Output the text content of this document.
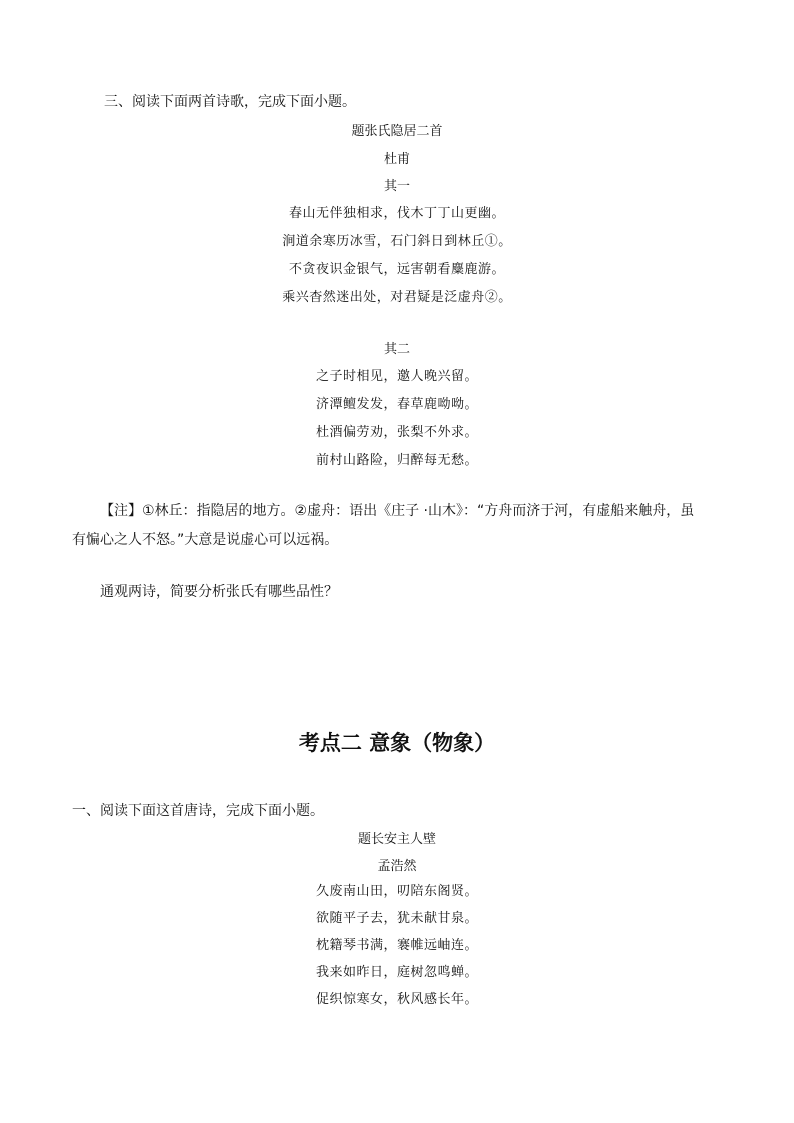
三、阅读下面两首诗歌，完成下面小题。
题张氏隐居二首
杜甫
其一
春山无伴独相求，伐木丁丁山更幽。
涧道余寒历冰雪，石门斜日到林丘①。
不贪夜识金银气，远害朝看麋鹿游。
乘兴杳然迷出处，对君疑是泛虚舟②。
其二
之子时相见，邀人晚兴留。
济潭鳣发发，春草鹿呦呦。
杜酒偏劳劝，张梨不外求。
前村山路险，归醉每无愁。
【注】①林丘：指隐居的地方。②虚舟：语出《庄子 ·山木》：“方舟而济于河，有虚船来触舟，虽
有惼心之人不怒。”大意是说虚心可以远祸。
通观两诗，简要分析张氏有哪些品性？
考点二 意象（物象）
一、阅读下面这首唐诗，完成下面小题。
题长安主人壁
孟浩然
久废南山田，叨陪东阁贤。
欲随平子去，犹未献甘泉。
枕籍琴书满，褰帷远岫连。
我来如昨日，庭树忽鸣蝉。
促织惊寒女，秋风感长年。
